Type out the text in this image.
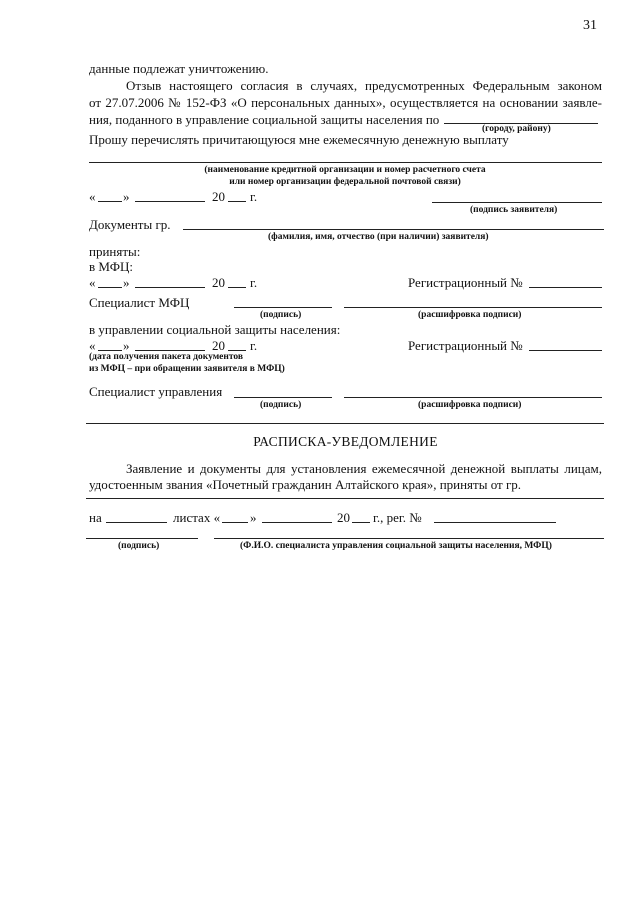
31
данные подлежат уничтожению.
Отзыв настоящего согласия в случаях, предусмотренных Федеральным законом
от 27.07.2006 № 152-ФЗ «О персональных данных», осуществляется на основании заявле-
ния, поданного в управление социальной защиты населения по
(городу, району)
Прошу перечислять причитающуюся мне ежемесячную денежную выплату
(наименование кредитной организации и номер расчетного счета
или номер организации федеральной почтовой связи)
« »	20 г.
(подпись заявителя)
Документы гр.
(фамилия, имя, отчество (при наличии) заявителя)
приняты:
в МФЦ:
« »	20 г.	Регистрационный №
Специалист МФЦ
(подпись)	(расшифровка подписи)
в управлении социальной защиты населения:
« »	20 г.	Регистрационный №
(дата получения пакета документов
из МФЦ – при обращении заявителя в МФЦ)
Специалист управления
(подпись)	(расшифровка подписи)
РАСПИСКА-УВЕДОМЛЕНИЕ
Заявление и документы для установления ежемесячной денежной выплаты лицам,
удостоенным звания «Почетный гражданин Алтайского края», приняты от гр.
на	листах « »	20 г., рег. №
(подпись)	(Ф.И.О. специалиста управления социальной защиты населения, МФЦ)
